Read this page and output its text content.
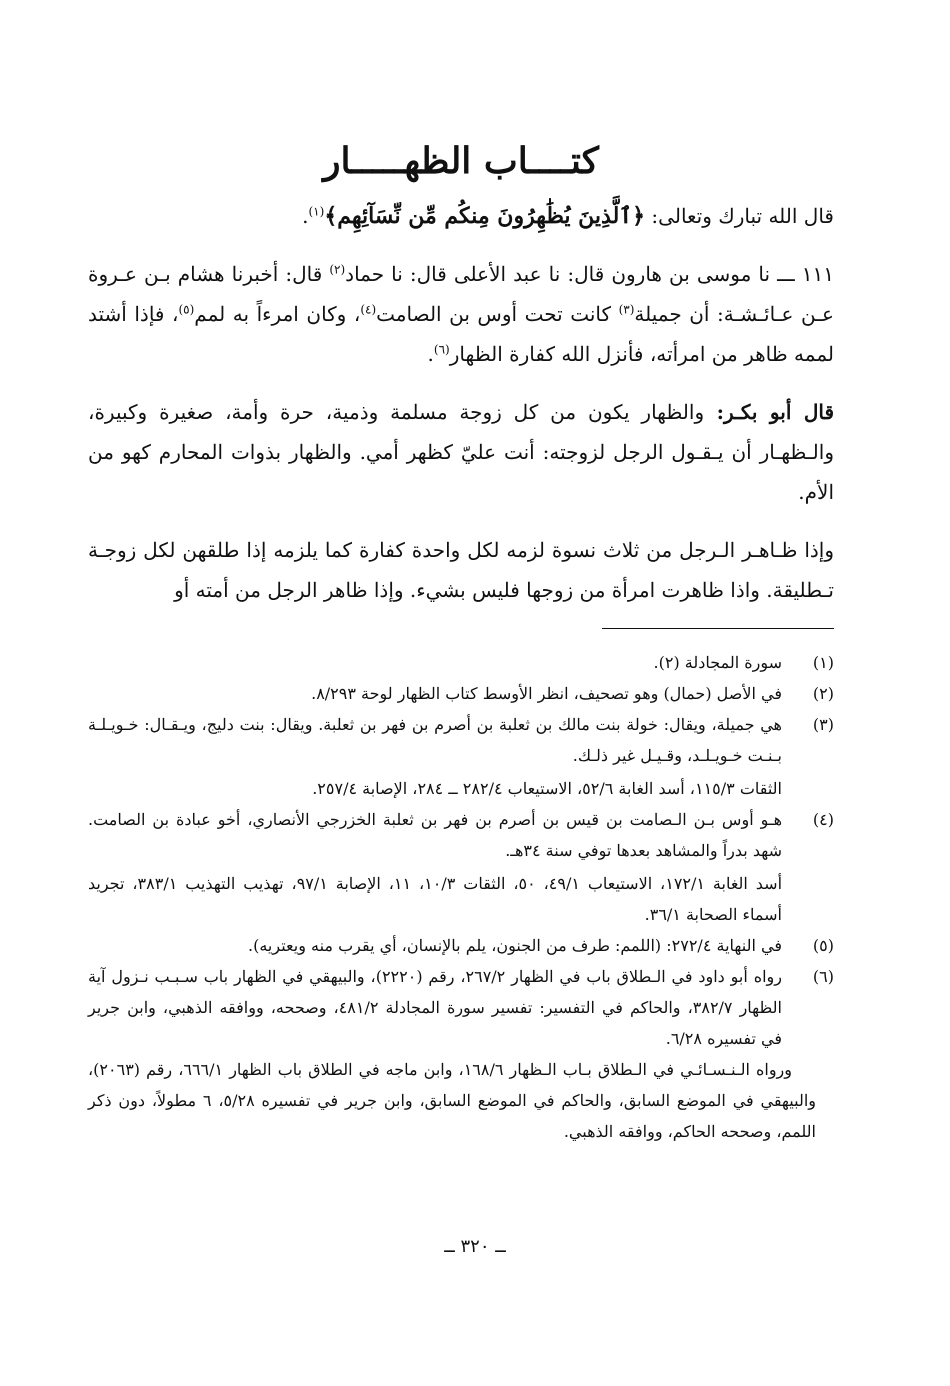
كتــــاب الظهـــــار

قال الله تبارك وتعالى: ﴿ٱلَّذِينَ يُظَٰهِرُونَ مِنكُم مِّن نِّسَآئِهِم﴾$^{(١)}$.

١١١ ـــ نا موسى بن هارون قال: نا عبد الأعلى قال: نا حماد$^{(٢)}$ قال: أخبرنا هشام بـن عـروة عـن عـائـشـة: أن جميلة$^{(٣)}$ كانت تحت أوس بن الصامت$^{(٤)}$، وكان امرءاً به لمم$^{(٥)}$، فإذا أشتد لممه ظاهر من امرأته، فأنزل الله كفارة الظهار$^{(٦)}$.

قال أبو بكـر: والظهار يكون من كل زوجة مسلمة وذمية، حرة وأمة، صغيرة وكبيرة، والـظهـار أن يـقـول الرجل لزوجته: أنت عليّ كظهر أمي. والظهار بذوات المحارم كهو من الأم.

وإذا ظـاهـر الـرجل من ثلاث نسوة لزمه لكل واحدة كفارة كما يلزمه إذا طلقهن لكل زوجـة تـطليقة. واذا ظاهرت امرأة من زوجها فليس بشيء. وإذا ظاهر الرجل من أمته أو

(١)
سورة المجادلة (٢).
(٢)
في الأصل (حمال) وهو تصحيف، انظر الأوسط كتاب الظهار لوحة ٨/٢٩٣.
(٣)
هي جميلة، ويقال: خولة بنت مالك بن ثعلبة بن أصرم بن فهر بن ثعلبة. ويقال: بنت دليج، ويـقـال: خـويـلـة بـنـت خـويـلـد، وقـيـل غير ذلـك.
الثقات ١١٥/٣، أسد الغابة ٥٢/٦، الاستيعاب ٢٨٢/٤ ــ ٢٨٤، الإصابة ٢٥٧/٤.
(٤)
هـو أوس بـن الـصامت بن قيس بن أصرم بن فهر بن ثعلبة الخزرجي الأنصاري، أخو عبادة بن الصامت. شهد بدراً والمشاهد بعدها توفي سنة ٣٤هـ.
أسد الغابة ١٧٢/١، الاستيعاب ٤٩/١، ٥٠، الثقات ١٠/٣، ١١، الإصابة ٩٧/١، تهذيب التهذيب ٣٨٣/١، تجريد أسماء الصحابة ٣٦/١.
(٥)
في النهاية ٢٧٢/٤: (اللمم: طرف من الجنون، يلم بالإنسان، أي يقرب منه ويعتريه).
(٦)
رواه أبو داود في الـطلاق باب في الظهار ٢٦٧/٢، رقم (٢٢٢٠)، والبيهقي في الظهار باب سـبـب نـزول آية الظهار ٣٨٢/٧، والحاكم في التفسير: تفسير سورة المجادلة ٤٨١/٢، وصححه، ووافقه الذهبي، وابن جرير في تفسيره ٦/٢٨.
ورواه الـنـسـائـي في الـطلاق بـاب الـظهار ١٦٨/٦، وابن ماجه في الطلاق باب الظهار ٦٦٦/١، رقم (٢٠٦٣)، والبيهقي في الموضع السابق، والحاكم في الموضع السابق، وابن جرير في تفسيره ٥/٢٨، ٦ مطولاً، دون ذكر اللمم، وصححه الحاكم، ووافقه الذهبي.
ــ ٣٢٠ ــ
